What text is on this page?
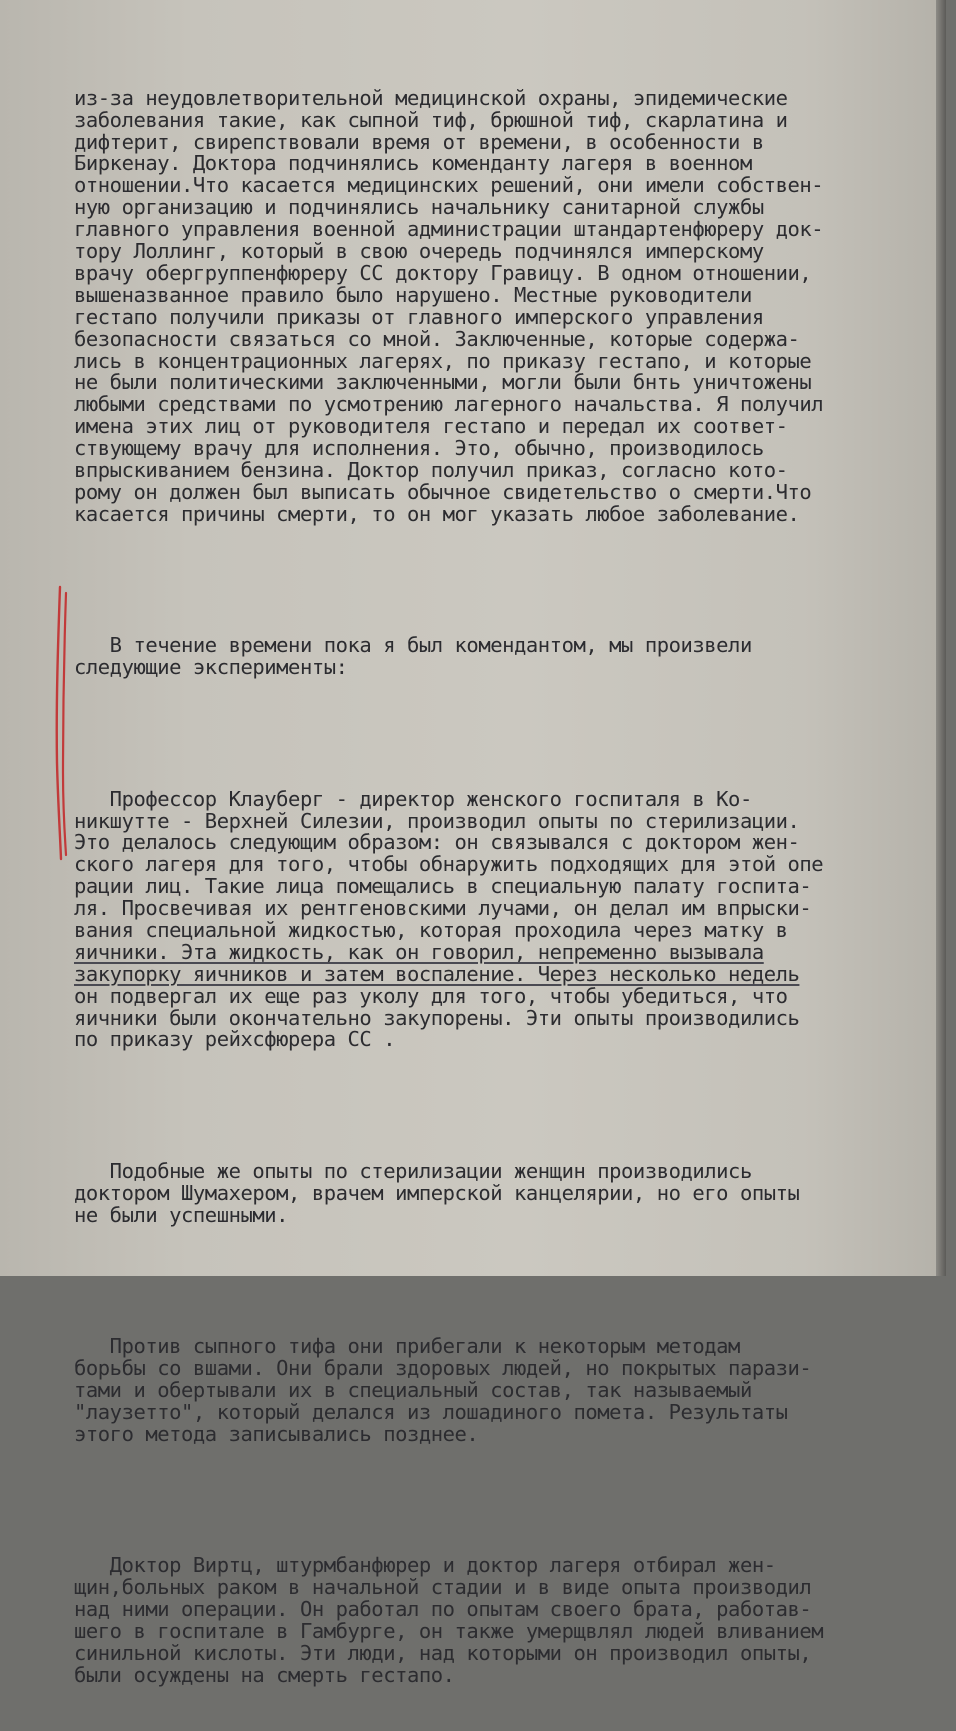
из-за неудовлетворительной медицинской охраны, эпидемические
заболевания такие, как сыпной тиф, брюшной тиф, скарлатина и
дифтерит, свирепствовали время от времени, в особенности в
Биркенау. Доктора подчинялись коменданту лагеря в военном
отношении.Что касается медицинских решений, они имели собствен-
ную организацию и подчинялись начальнику санитарной службы
главного управления военной администрации штандартенфюреру док-
тору Лоллинг, который в свою очередь подчинялся имперскому
врачу обергруппенфюреру СС доктору Гравицу. В одном отношении,
вышеназванное правило было нарушено. Местные руководители
гестапо получили приказы от главного имперского управления
безопасности связаться со мной. Заключенные, которые содержа-
лись в концентрационных лагерях, по приказу гестапо, и которые
не были политическими заключенными, могли были бнть уничтожены
любыми средствами по усмотрению лагерного начальства. Я получил
имена этих лиц от руководителя гестапо и передал их соответ-
ствующему врачу для исполнения. Это, обычно, производилось
впрыскиванием бензина. Доктор получил приказ, согласно кото-
рому он должен был выписать обычное свидетельство о смерти.Что
касается причины смерти, то он мог указать любое заболевание.

В течение времени пока я был комендантом, мы произвели
следующие эксперименты:

Профессор Клауберг - директор женского госпиталя в Ко-
никшутте - Верхней Силезии, производил опыты по стерилизации.
Это делалось следующим образом: он связывался с доктором жен-
ского лагеря для того, чтобы обнаружить подходящих для этой опе
рации лиц. Такие лица помещались в специальную палату госпита-
ля. Просвечивая их рентгеновскими лучами, он делал им впрыски-
вания специальной жидкостью, которая проходила через матку в
яичники. Эта жидкость, как он говорил, непременно вызывала
закупорку яичников и затем воспаление. Через несколько недель
он подвергал их еще раз уколу для того, чтобы убедиться, что
яичники были окончательно закупорены. Эти опыты производились
по приказу рейхсфюрера СС .

Подобные же опыты по стерилизации женщин производились
доктором Шумахером, врачем имперской канцелярии, но его опыты
не были успешными.

Против сыпного тифа они прибегали к некоторым методам
борьбы со вшами. Они брали здоровых людей, но покрытых парази-
тами и обертывали их в специальный состав, так называемый
"лаузетто", который делался из лошадиного помета. Результаты
этого метода записывались позднее.

Доктор Виртц, штурмбанфюрер и доктор лагеря отбирал жен-
щин,больных раком в начальной стадии и в виде опыта производил
над ними операции. Он работал по опытам своего брата, работав-
шего в госпитале в Гамбурге, он также умерщвлял людей вливанием
синильной кислоты. Эти люди, над которыми он производил опыты,
были осуждены на смерть гестапо.
